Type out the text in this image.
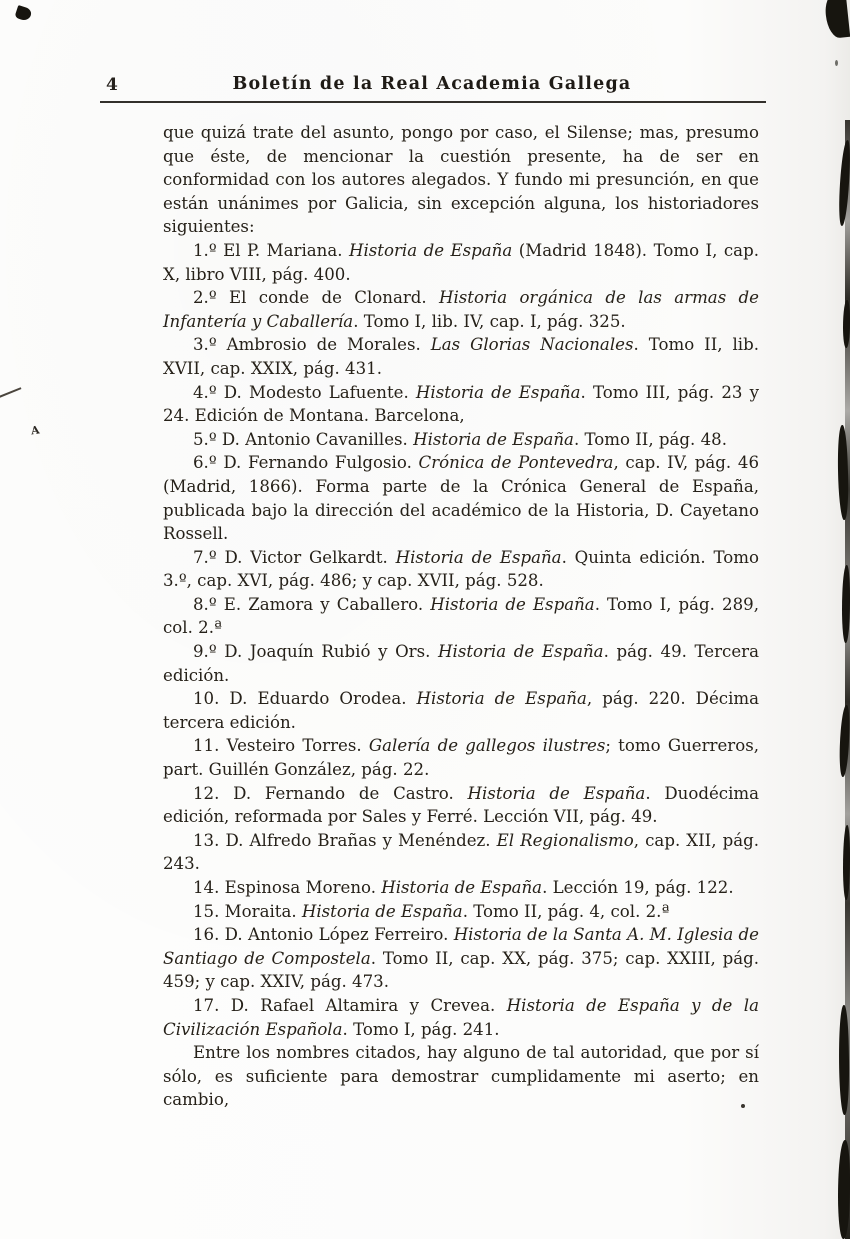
A
4	Boletín de la Real Academia Gallega

que quizá trate del asunto, pongo por caso, el Silense; mas, presumo que éste, de mencionar la cuestión presente, ha de ser en conformidad con los autores alegados. Y fundo mi presunción, en que están unánimes por Galicia, sin excepción alguna, los historiadores siguientes:

1.º El P. Mariana. Historia de España (Madrid 1848). Tomo I, cap. X, libro VIII, pág. 400.

2.º El conde de Clonard. Historia orgánica de las armas de Infantería y Caballería. Tomo I, lib. IV, cap. I, pág. 325.

3.º Ambrosio de Morales. Las Glorias Nacionales. Tomo II, lib. XVII, cap. XXIX, pág. 431.

4.º D. Modesto Lafuente. Historia de España. Tomo III, pág. 23 y 24. Edición de Montana. Barcelona,

5.º D. Antonio Cavanilles. Historia de España. Tomo II, pág. 48.

6.º D. Fernando Fulgosio. Crónica de Pontevedra, cap. IV, pág. 46 (Madrid, 1866). Forma parte de la Crónica General de España, publicada bajo la dirección del académico de la Historia, D. Cayetano Rossell.

7.º D. Victor Gelkardt. Historia de España. Quinta edición. Tomo 3.º, cap. XVI, pág. 486; y cap. XVII, pág. 528.

8.º E. Zamora y Caballero. Historia de España. Tomo I, pág. 289, col. 2.ª

9.º D. Joaquín Rubió y Ors. Historia de España. pág. 49. Tercera edición.

10. D. Eduardo Orodea. Historia de España, pág. 220. Décima tercera edición.

11. Vesteiro Torres. Galería de gallegos ilustres; tomo Guerreros, part. Guillén González, pág. 22.

12. D. Fernando de Castro. Historia de España. Duodécima edición, reformada por Sales y Ferré. Lección VII, pág. 49.

13. D. Alfredo Brañas y Menéndez. El Regionalismo, cap. XII, pág. 243.

14. Espinosa Moreno. Historia de España. Lección 19, pág. 122.

15. Moraita. Historia de España. Tomo II, pág. 4, col. 2.ª

16. D. Antonio López Ferreiro. Historia de la Santa A. M. Iglesia de Santiago de Compostela. Tomo II, cap. XX, pág. 375; cap. XXIII, pág. 459; y cap. XXIV, pág. 473.

17. D. Rafael Altamira y Crevea. Historia de España y de la Civilización Española. Tomo I, pág. 241.

Entre los nombres citados, hay alguno de tal autoridad, que por sí sólo, es suficiente para demostrar cumplidamente mi aserto; en cambio,
